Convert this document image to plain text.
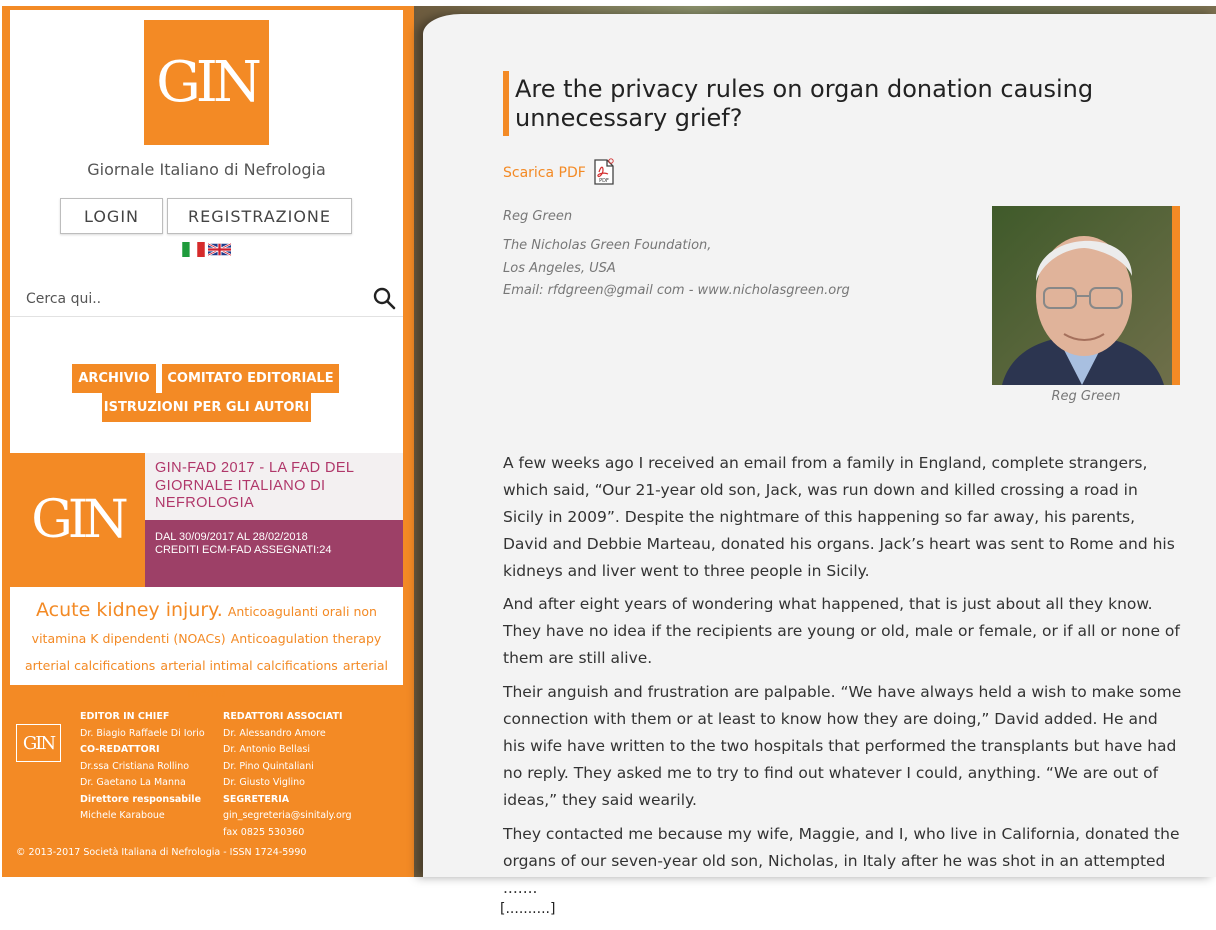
GIN
Giornale Italiano di Nefrologia
LOGIN	REGISTRAZIONE
Cerca qui..
ARCHIVIO	COMITATO EDITORIALE
ISTRUZIONI PER GLI AUTORI
GIN
GIN-FAD 2017 - LA FAD DEL GIORNALE ITALIANO DI NEFROLOGIA
DAL 30/09/2017 AL 28/02/2018
CREDITI ECM-FAD ASSEGNATI:24
Acute kidney injury. Anticoagulanti orali non vitamina K dipendenti (NOACs) Anticoagulation therapy arterial calcifications arterial intimal calcifications arterial media
GIN
EDITOR IN CHIEF
Dr. Biagio Raffaele Di Iorio
CO-REDATTORI
Dr.ssa Cristiana Rollino
Dr. Gaetano La Manna
Direttore responsabile
Michele Karaboue
REDATTORI ASSOCIATI
Dr. Alessandro Amore
Dr. Antonio Bellasi
Dr. Pino Quintaliani
Dr. Giusto Viglino
SEGRETERIA
gin_segreteria@sinitaly.org
fax 0825 530360
© 2013-2017 Società Italiana di Nefrologia - ISSN 1724-5990
Are the privacy rules on organ donation causing unnecessary grief?
Scarica PDF	PDF
Reg Green
The Nicholas Green Foundation,
Los Angeles, USA
Email: rfdgreen@gmail com - www.nicholasgreen.org
Reg Green

A few weeks ago I received an email from a family in England, complete strangers, which said, “Our 21-year old son, Jack, was run down and killed crossing a road in Sicily in 2009”. Despite the nightmare of this happening so far away, his parents, David and Debbie Marteau, donated his organs. Jack’s heart was sent to Rome and his kidneys and liver went to three people in Sicily.

And after eight years of wondering what happened, that is just about all they know. They have no idea if the recipients are young or old, male or female, or if all or none of them are still alive.

Their anguish and frustration are palpable. “We have always held a wish to make some connection with them or at least to know how they are doing,” David added. He and his wife have written to the two hospitals that performed the transplants but have had no reply. They asked me to try to find out whatever I could, anything. “We are out of ideas,” they said wearily.

They contacted me because my wife, Maggie, and I, who live in California, donated the organs of our seven-year old son, Nicholas, in Italy after he was shot in an attempted .......

[..........]
